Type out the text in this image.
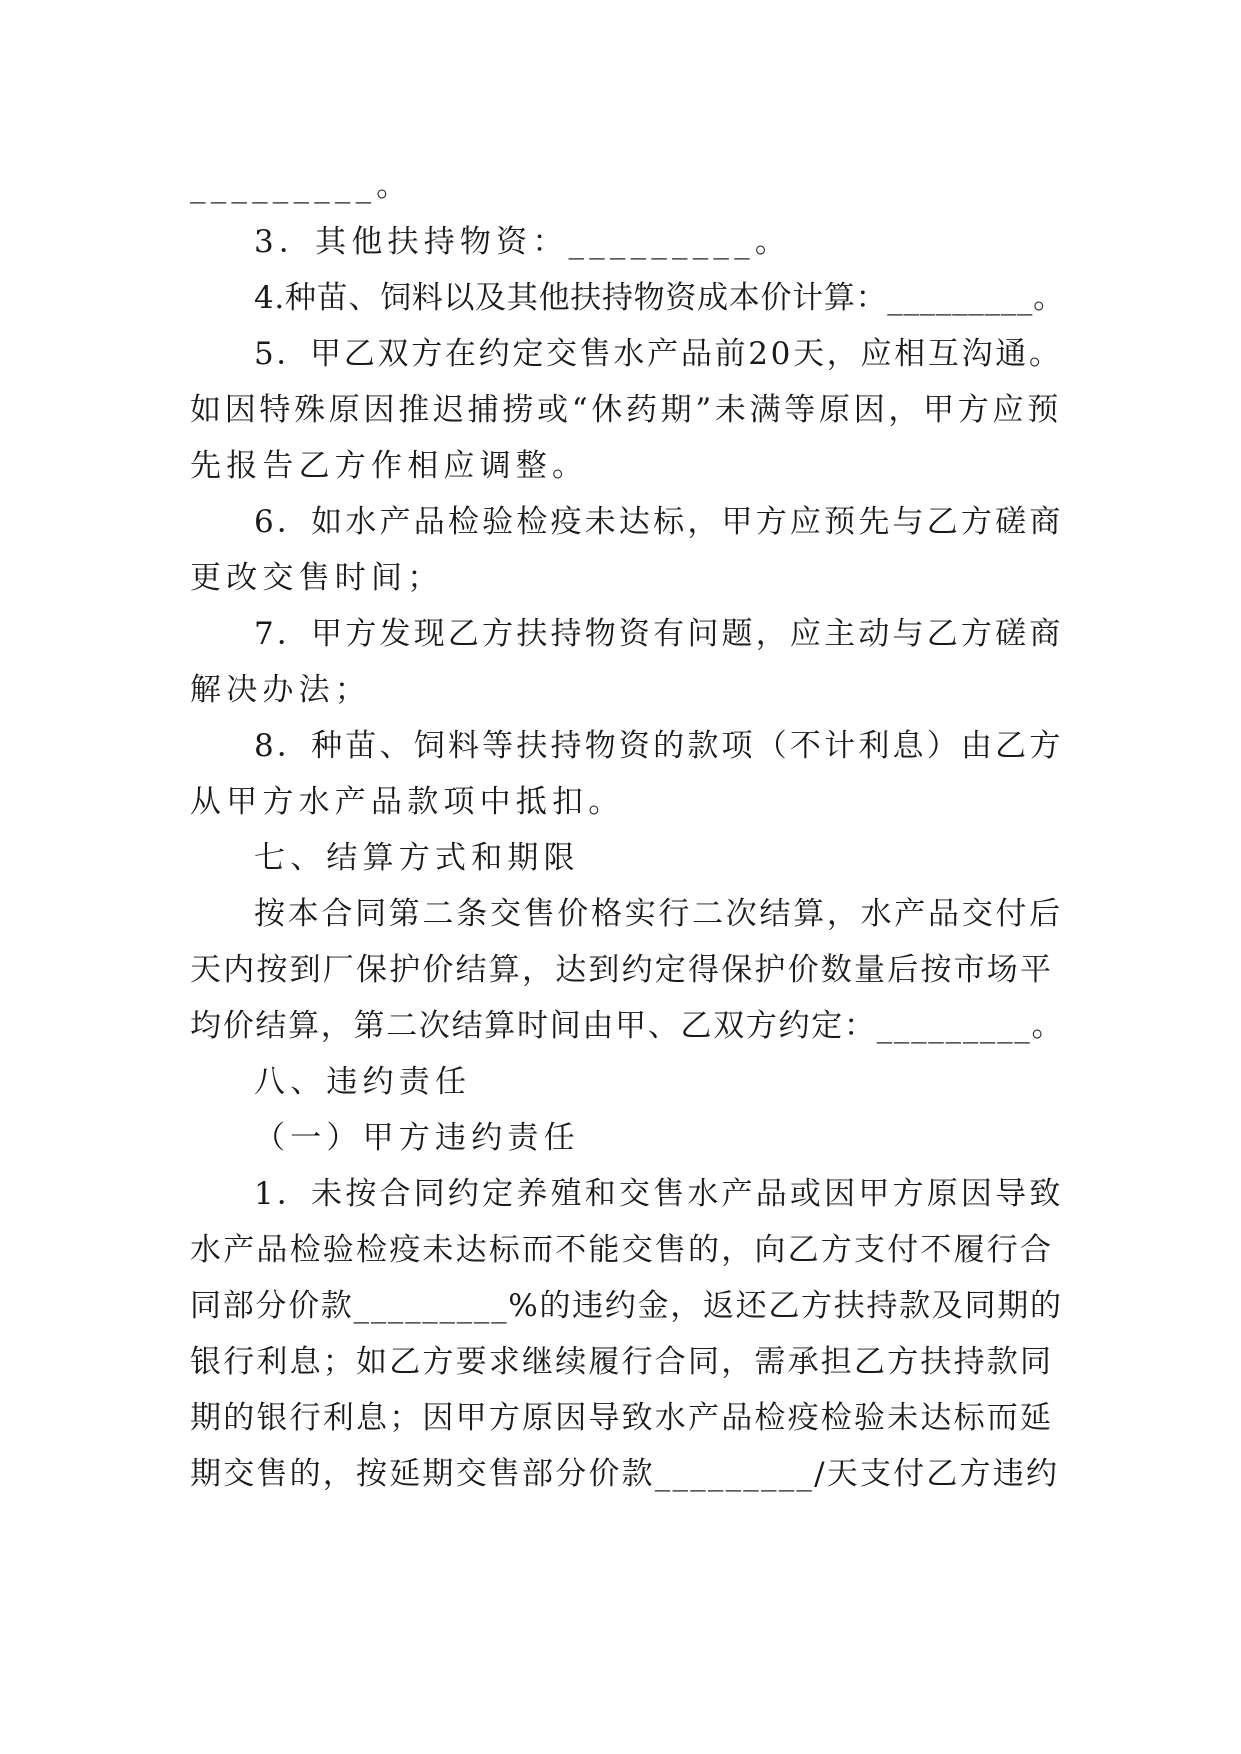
_________。

3．其他扶持物资：_________。

4.种苗、饲料以及其他扶持物资成本价计算：_________。

5．甲乙双方在约定交售水产品前20天，应相互沟通。

如因特殊原因推迟捕捞或“休药期”未满等原因，甲方应预

先报告乙方作相应调整。

6．如水产品检验检疫未达标，甲方应预先与乙方磋商

更改交售时间；

7．甲方发现乙方扶持物资有问题，应主动与乙方磋商

解决办法；

8．种苗、饲料等扶持物资的款项（不计利息）由乙方

从甲方水产品款项中抵扣。

七、结算方式和期限

按本合同第二条交售价格实行二次结算，水产品交付后

天内按到厂保护价结算，达到约定得保护价数量后按市场平

均价结算，第二次结算时间由甲、乙双方约定：_________。

八、违约责任

（一）甲方违约责任

1．未按合同约定养殖和交售水产品或因甲方原因导致

水产品检验检疫未达标而不能交售的，向乙方支付不履行合

同部分价款_________%的违约金，返还乙方扶持款及同期的

银行利息；如乙方要求继续履行合同，需承担乙方扶持款同

期的银行利息；因甲方原因导致水产品检疫检验未达标而延

期交售的，按延期交售部分价款_________/天支付乙方违约
